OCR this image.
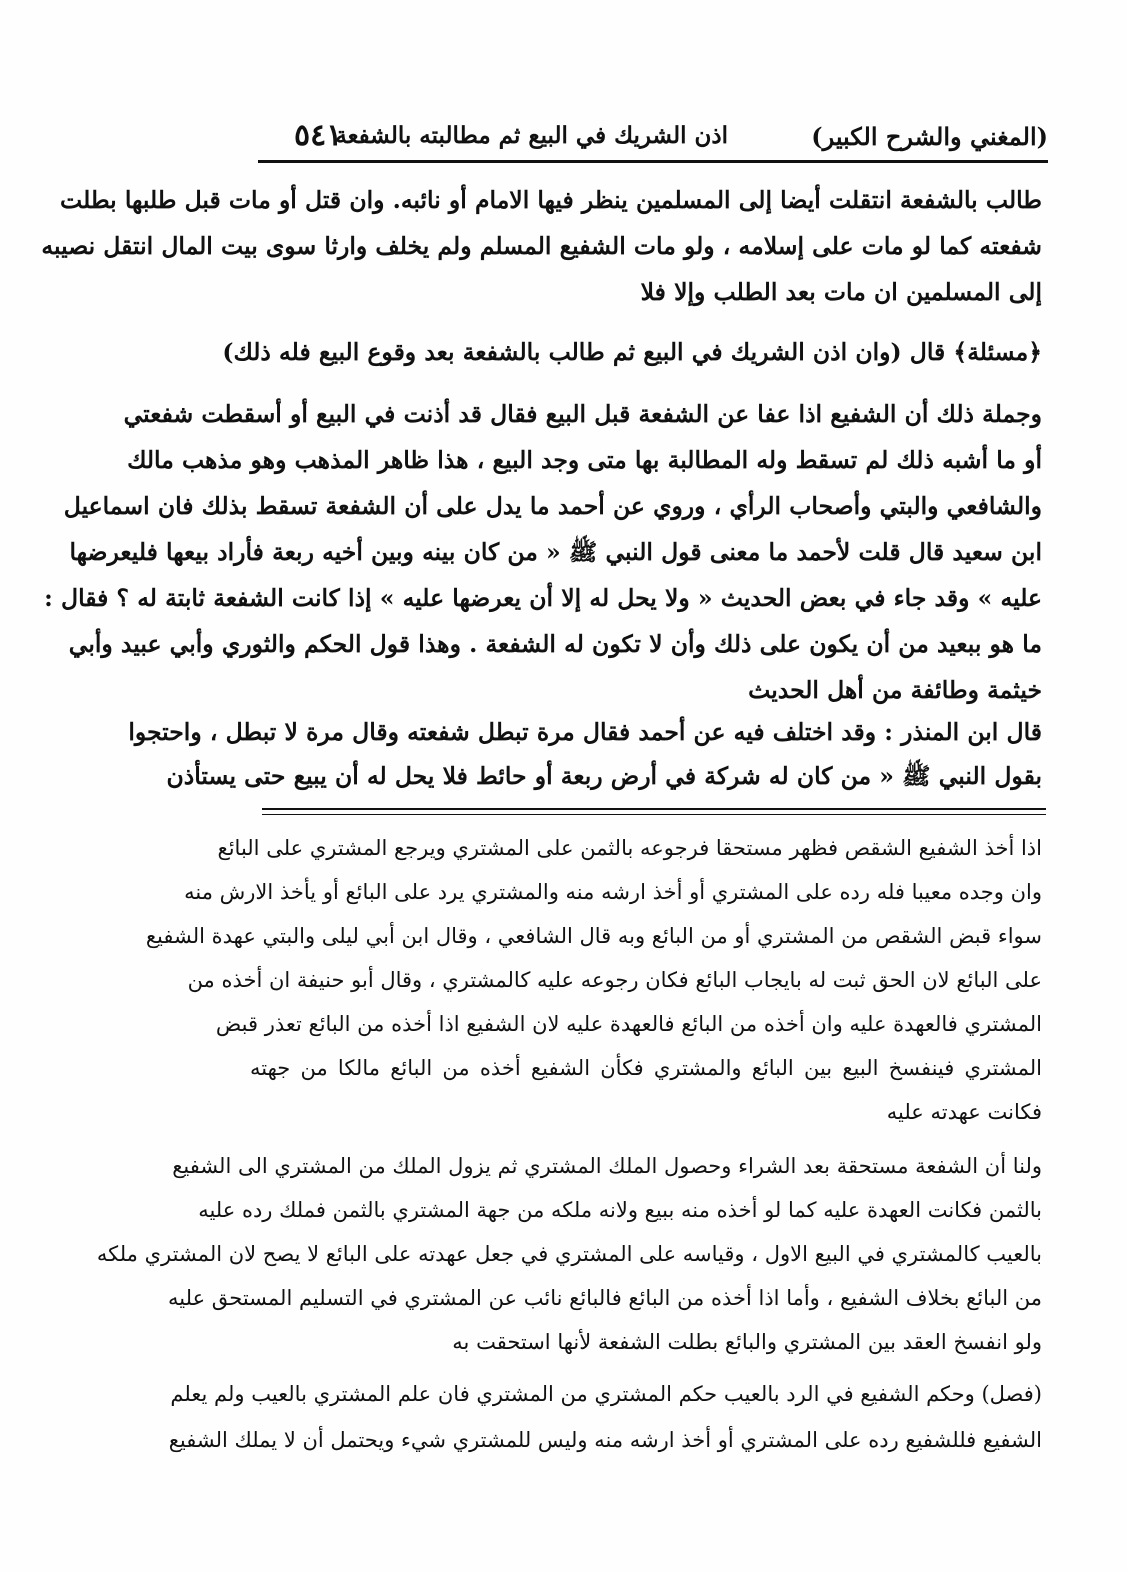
(المغني والشرح الكبير)
اذن الشريك في البيع ثم مطالبته بالشفعة
٥٤١
طالب بالشفعة انتقلت أيضا إلى المسلمين ينظر فيها الامام أو نائبه. وان قتل أو مات قبل طلبها بطلت
شفعته كما لو مات على إسلامه ، ولو مات الشفيع المسلم ولم يخلف وارثا سوى بيت المال انتقل نصيبه
إلى المسلمين ان مات بعد الطلب وإلا فلا
﴿مسئلة﴾ قال (وان اذن الشريك في البيع ثم طالب بالشفعة بعد وقوع البيع فله ذلك)
وجملة ذلك أن الشفيع اذا عفا عن الشفعة قبل البيع فقال قد أذنت في البيع أو أسقطت شفعتي
أو ما أشبه ذلك لم تسقط وله المطالبة بها متى وجد البيع ، هذا ظاهر المذهب وهو مذهب مالك
والشافعي والبتي وأصحاب الرأي ، وروي عن أحمد ما يدل على أن الشفعة تسقط بذلك فان اسماعيل
ابن سعيد قال قلت لأحمد ما معنى قول النبي ﷺ « من كان بينه وبين أخيه ربعة فأراد بيعها فليعرضها
عليه » وقد جاء في بعض الحديث « ولا يحل له إلا أن يعرضها عليه » إذا كانت الشفعة ثابتة له ؟ فقال :
ما هو ببعيد من أن يكون على ذلك وأن لا تكون له الشفعة . وهذا قول الحكم والثوري وأبي عبيد وأبي
خيثمة وطائفة من أهل الحديث
قال ابن المنذر : وقد اختلف فيه عن أحمد فقال مرة تبطل شفعته وقال مرة لا تبطل ، واحتجوا
بقول النبي ﷺ « من كان له شركة في أرض ربعة أو حائط فلا يحل له أن يبيع حتى يستأذن
اذا أخذ الشفيع الشقص فظهر مستحقا فرجوعه بالثمن على المشتري ويرجع المشتري على البائع
وان وجده معيبا فله رده على المشتري أو أخذ ارشه منه والمشتري يرد على البائع أو يأخذ الارش منه
سواء قبض الشقص من المشتري أو من البائع وبه قال الشافعي ، وقال ابن أبي ليلى والبتي عهدة الشفيع
على البائع لان الحق ثبت له بايجاب البائع فكان رجوعه عليه كالمشتري ، وقال أبو حنيفة ان أخذه من
المشتري فالعهدة عليه وان أخذه من البائع فالعهدة عليه لان الشفيع اذا أخذه من البائع تعذر قبض
المشتري فينفسخ البيع بين البائع والمشتري فكأن الشفيع أخذه من البائع مالكا من جهته
فكانت عهدته عليه
ولنا أن الشفعة مستحقة بعد الشراء وحصول الملك المشتري ثم يزول الملك من المشتري الى الشفيع
بالثمن فكانت العهدة عليه كما لو أخذه منه ببيع ولانه ملكه من جهة المشتري بالثمن فملك رده عليه
بالعيب كالمشتري في البيع الاول ، وقياسه على المشتري في جعل عهدته على البائع لا يصح لان المشتري ملكه
من البائع بخلاف الشفيع ، وأما اذا أخذه من البائع فالبائع نائب عن المشتري في التسليم المستحق عليه
ولو انفسخ العقد بين المشتري والبائع بطلت الشفعة لأنها استحقت به
(فصل) وحكم الشفيع في الرد بالعيب حكم المشتري من المشتري فان علم المشتري بالعيب ولم يعلم
الشفيع فللشفيع رده على المشتري أو أخذ ارشه منه وليس للمشتري شيء ويحتمل أن لا يملك الشفيع
